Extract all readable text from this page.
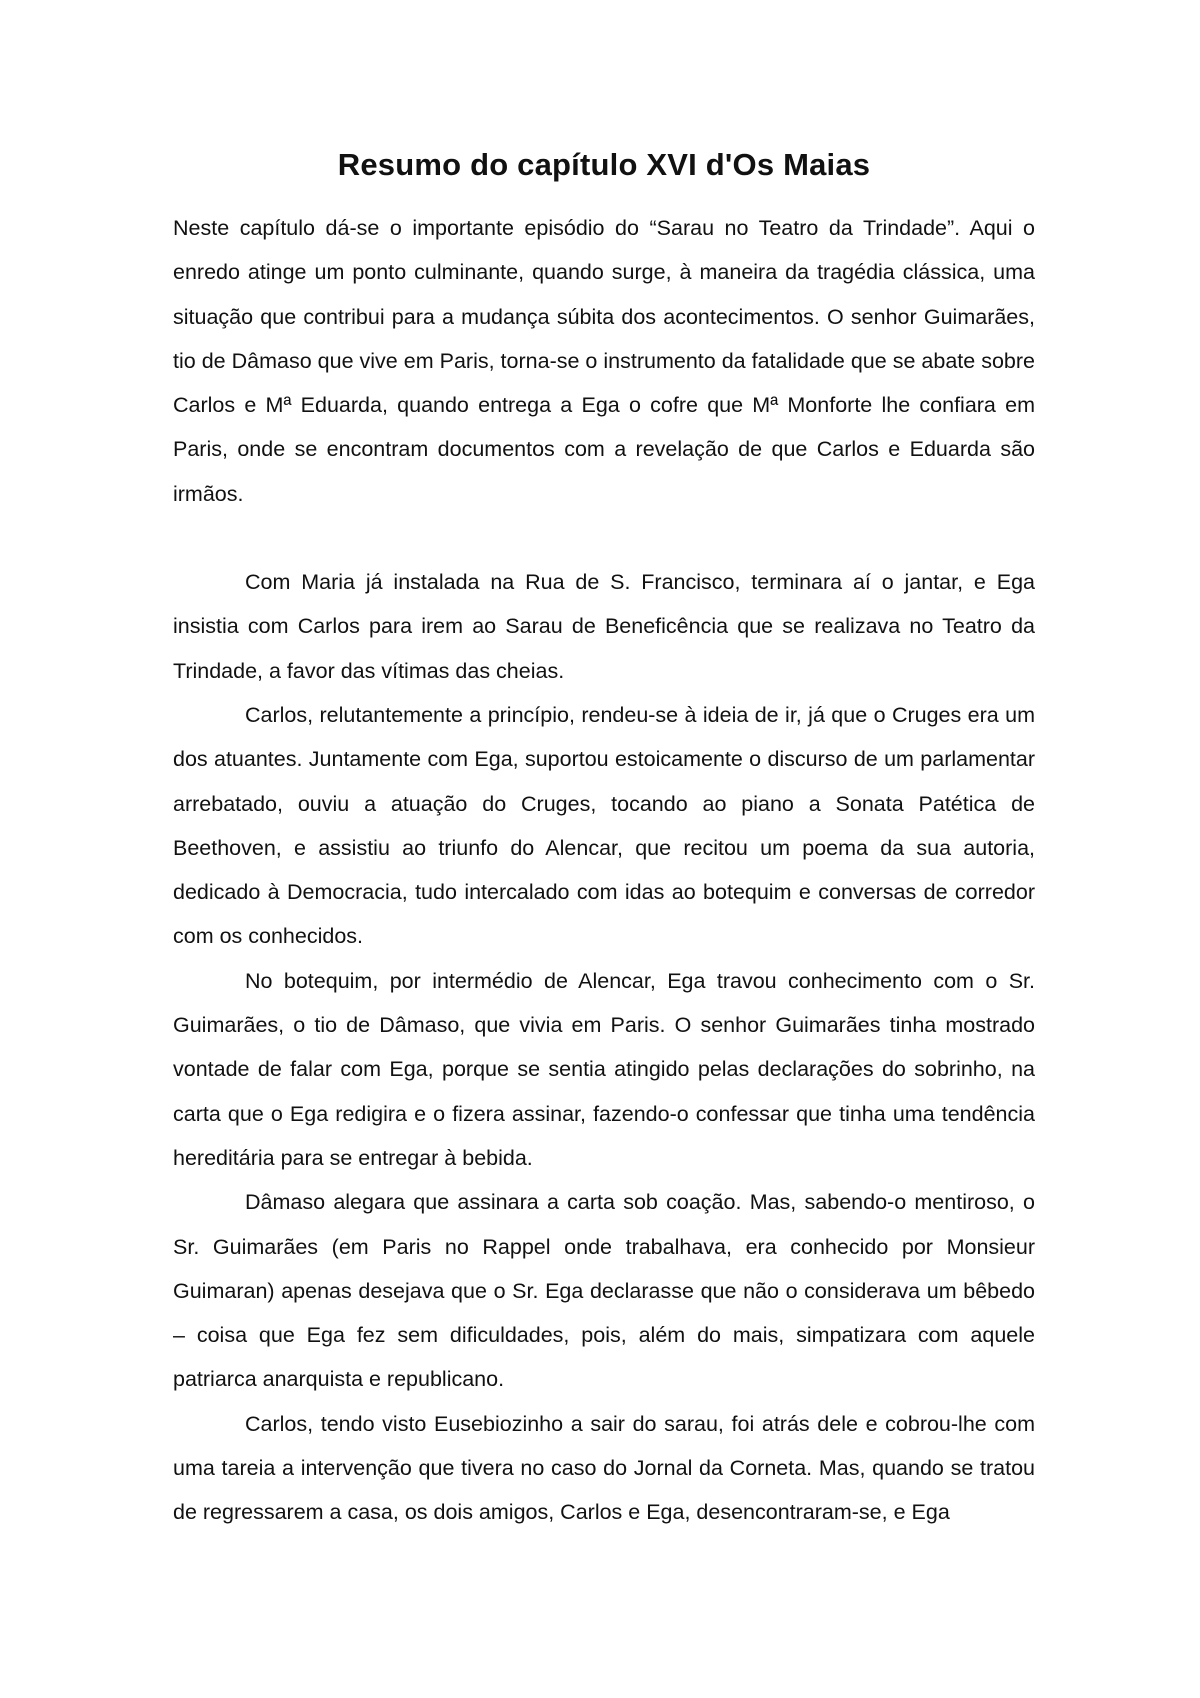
Resumo do capítulo XVI d'Os Maias

Neste capítulo dá-se o importante episódio do “Sarau no Teatro da Trindade”. Aqui o enredo atinge um ponto culminante, quando surge, à maneira da tragédia clássica, uma situação que contribui para a mudança súbita dos acontecimentos. O senhor Guimarães, tio de Dâmaso que vive em Paris, torna-se o instrumento da fatalidade que se abate sobre Carlos e Mª Eduarda, quando entrega a Ega o cofre que Mª Monforte lhe confiara em Paris, onde se encontram documentos com a revelação de que Carlos e Eduarda são irmãos.

Com Maria já instalada na Rua de S. Francisco, terminara aí o jantar, e Ega insistia com Carlos para irem ao Sarau de Beneficência que se realizava no Teatro da Trindade, a favor das vítimas das cheias.

Carlos, relutantemente a princípio, rendeu-se à ideia de ir, já que o Cruges era um dos atuantes. Juntamente com Ega, suportou estoicamente o discurso de um parlamentar arrebatado, ouviu a atuação do Cruges, tocando ao piano a Sonata Patética de Beethoven, e assistiu ao triunfo do Alencar, que recitou um poema da sua autoria, dedicado à Democracia, tudo intercalado com idas ao botequim e conversas de corredor com os conhecidos.

No botequim, por intermédio de Alencar, Ega travou conhecimento com o Sr. Guimarães, o tio de Dâmaso, que vivia em Paris. O senhor Guimarães tinha mostrado vontade de falar com Ega, porque se sentia atingido pelas declarações do sobrinho, na carta que o Ega redigira e o fizera assinar, fazendo-o confessar que tinha uma tendência hereditária para se entregar à bebida.

Dâmaso alegara que assinara a carta sob coação. Mas, sabendo-o mentiroso, o Sr. Guimarães (em Paris no Rappel onde trabalhava, era conhecido por Monsieur Guimaran) apenas desejava que o Sr. Ega declarasse que não o considerava um bêbedo – coisa que Ega fez sem dificuldades, pois, além do mais, simpatizara com aquele patriarca anarquista e republicano.

Carlos, tendo visto Eusebiozinho a sair do sarau, foi atrás dele e cobrou-lhe com uma tareia a intervenção que tivera no caso do Jornal da Corneta. Mas, quando se tratou de regressarem a casa, os dois amigos, Carlos e Ega, desencontraram-se, e Ega
